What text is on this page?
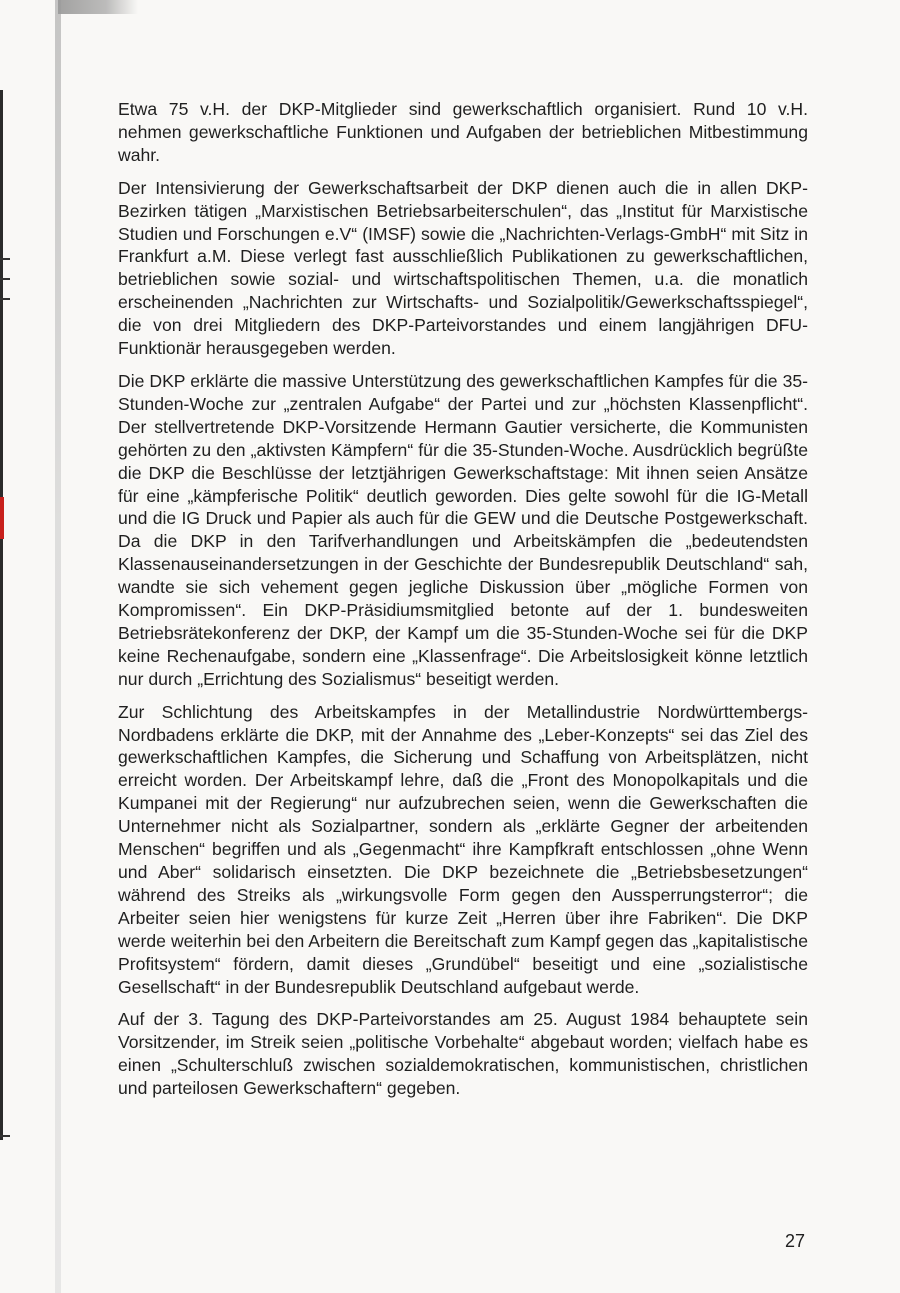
Etwa 75 v.H. der DKP-Mitglieder sind gewerkschaftlich organisiert. Rund 10 v.H. nehmen gewerkschaftliche Funktionen und Aufgaben der betrieblichen Mitbestimmung wahr.

Der Intensivierung der Gewerkschaftsarbeit der DKP dienen auch die in allen DKP-Bezirken tätigen „Marxistischen Betriebsarbeiterschulen“, das „Institut für Marxistische Studien und Forschungen e.V“ (IMSF) sowie die „Nachrichten-Verlags-GmbH“ mit Sitz in Frankfurt a.M. Diese verlegt fast ausschließlich Publikationen zu gewerkschaftlichen, betrieblichen sowie sozial- und wirtschaftspolitischen Themen, u.a. die monatlich erscheinenden „Nachrichten zur Wirtschafts- und Sozialpolitik/Gewerkschaftsspiegel“, die von drei Mitgliedern des DKP-Parteivorstandes und einem langjährigen DFU-Funktionär herausgegeben werden.

Die DKP erklärte die massive Unterstützung des gewerkschaftlichen Kampfes für die 35-Stunden-Woche zur „zentralen Aufgabe“ der Partei und zur „höchsten Klassenpflicht“. Der stellvertretende DKP-Vorsitzende Hermann Gautier versicherte, die Kommunisten gehörten zu den „aktivsten Kämpfern“ für die 35-Stunden-Woche. Ausdrücklich begrüßte die DKP die Beschlüsse der letztjährigen Gewerkschaftstage: Mit ihnen seien Ansätze für eine „kämpferische Politik“ deutlich geworden. Dies gelte sowohl für die IG-Metall und die IG Druck und Papier als auch für die GEW und die Deutsche Postgewerkschaft. Da die DKP in den Tarifverhandlungen und Arbeitskämpfen die „bedeutendsten Klassenauseinandersetzungen in der Geschichte der Bundesrepublik Deutschland“ sah, wandte sie sich vehement gegen jegliche Diskussion über „mögliche Formen von Kompromissen“. Ein DKP-Präsidiumsmitglied betonte auf der 1. bundesweiten Betriebsrätekonferenz der DKP, der Kampf um die 35-Stunden-Woche sei für die DKP keine Rechenaufgabe, sondern eine „Klassenfrage“. Die Arbeitslosigkeit könne letztlich nur durch „Errichtung des Sozialismus“ beseitigt werden.

Zur Schlichtung des Arbeitskampfes in der Metallindustrie Nordwürttembergs-Nordbadens erklärte die DKP, mit der Annahme des „Leber-Konzepts“ sei das Ziel des gewerkschaftlichen Kampfes, die Sicherung und Schaffung von Arbeitsplätzen, nicht erreicht worden. Der Arbeitskampf lehre, daß die „Front des Monopolkapitals und die Kumpanei mit der Regierung“ nur aufzubrechen seien, wenn die Gewerkschaften die Unternehmer nicht als Sozialpartner, sondern als „erklärte Gegner der arbeitenden Menschen“ begriffen und als „Gegenmacht“ ihre Kampfkraft entschlossen „ohne Wenn und Aber“ solidarisch einsetzten. Die DKP bezeichnete die „Betriebsbesetzungen“ während des Streiks als „wirkungsvolle Form gegen den Aussperrungsterror“; die Arbeiter seien hier wenigstens für kurze Zeit „Herren über ihre Fabriken“. Die DKP werde weiterhin bei den Arbeitern die Bereitschaft zum Kampf gegen das „kapitalistische Profitsystem“ fördern, damit dieses „Grundübel“ beseitigt und eine „sozialistische Gesellschaft“ in der Bundesrepublik Deutschland aufgebaut werde.

Auf der 3. Tagung des DKP-Parteivorstandes am 25. August 1984 behauptete sein Vorsitzender, im Streik seien „politische Vorbehalte“ abgebaut worden; vielfach habe es einen „Schulterschluß zwischen sozialdemokratischen, kommunistischen, christlichen und parteilosen Gewerkschaftern“ gegeben.

27
